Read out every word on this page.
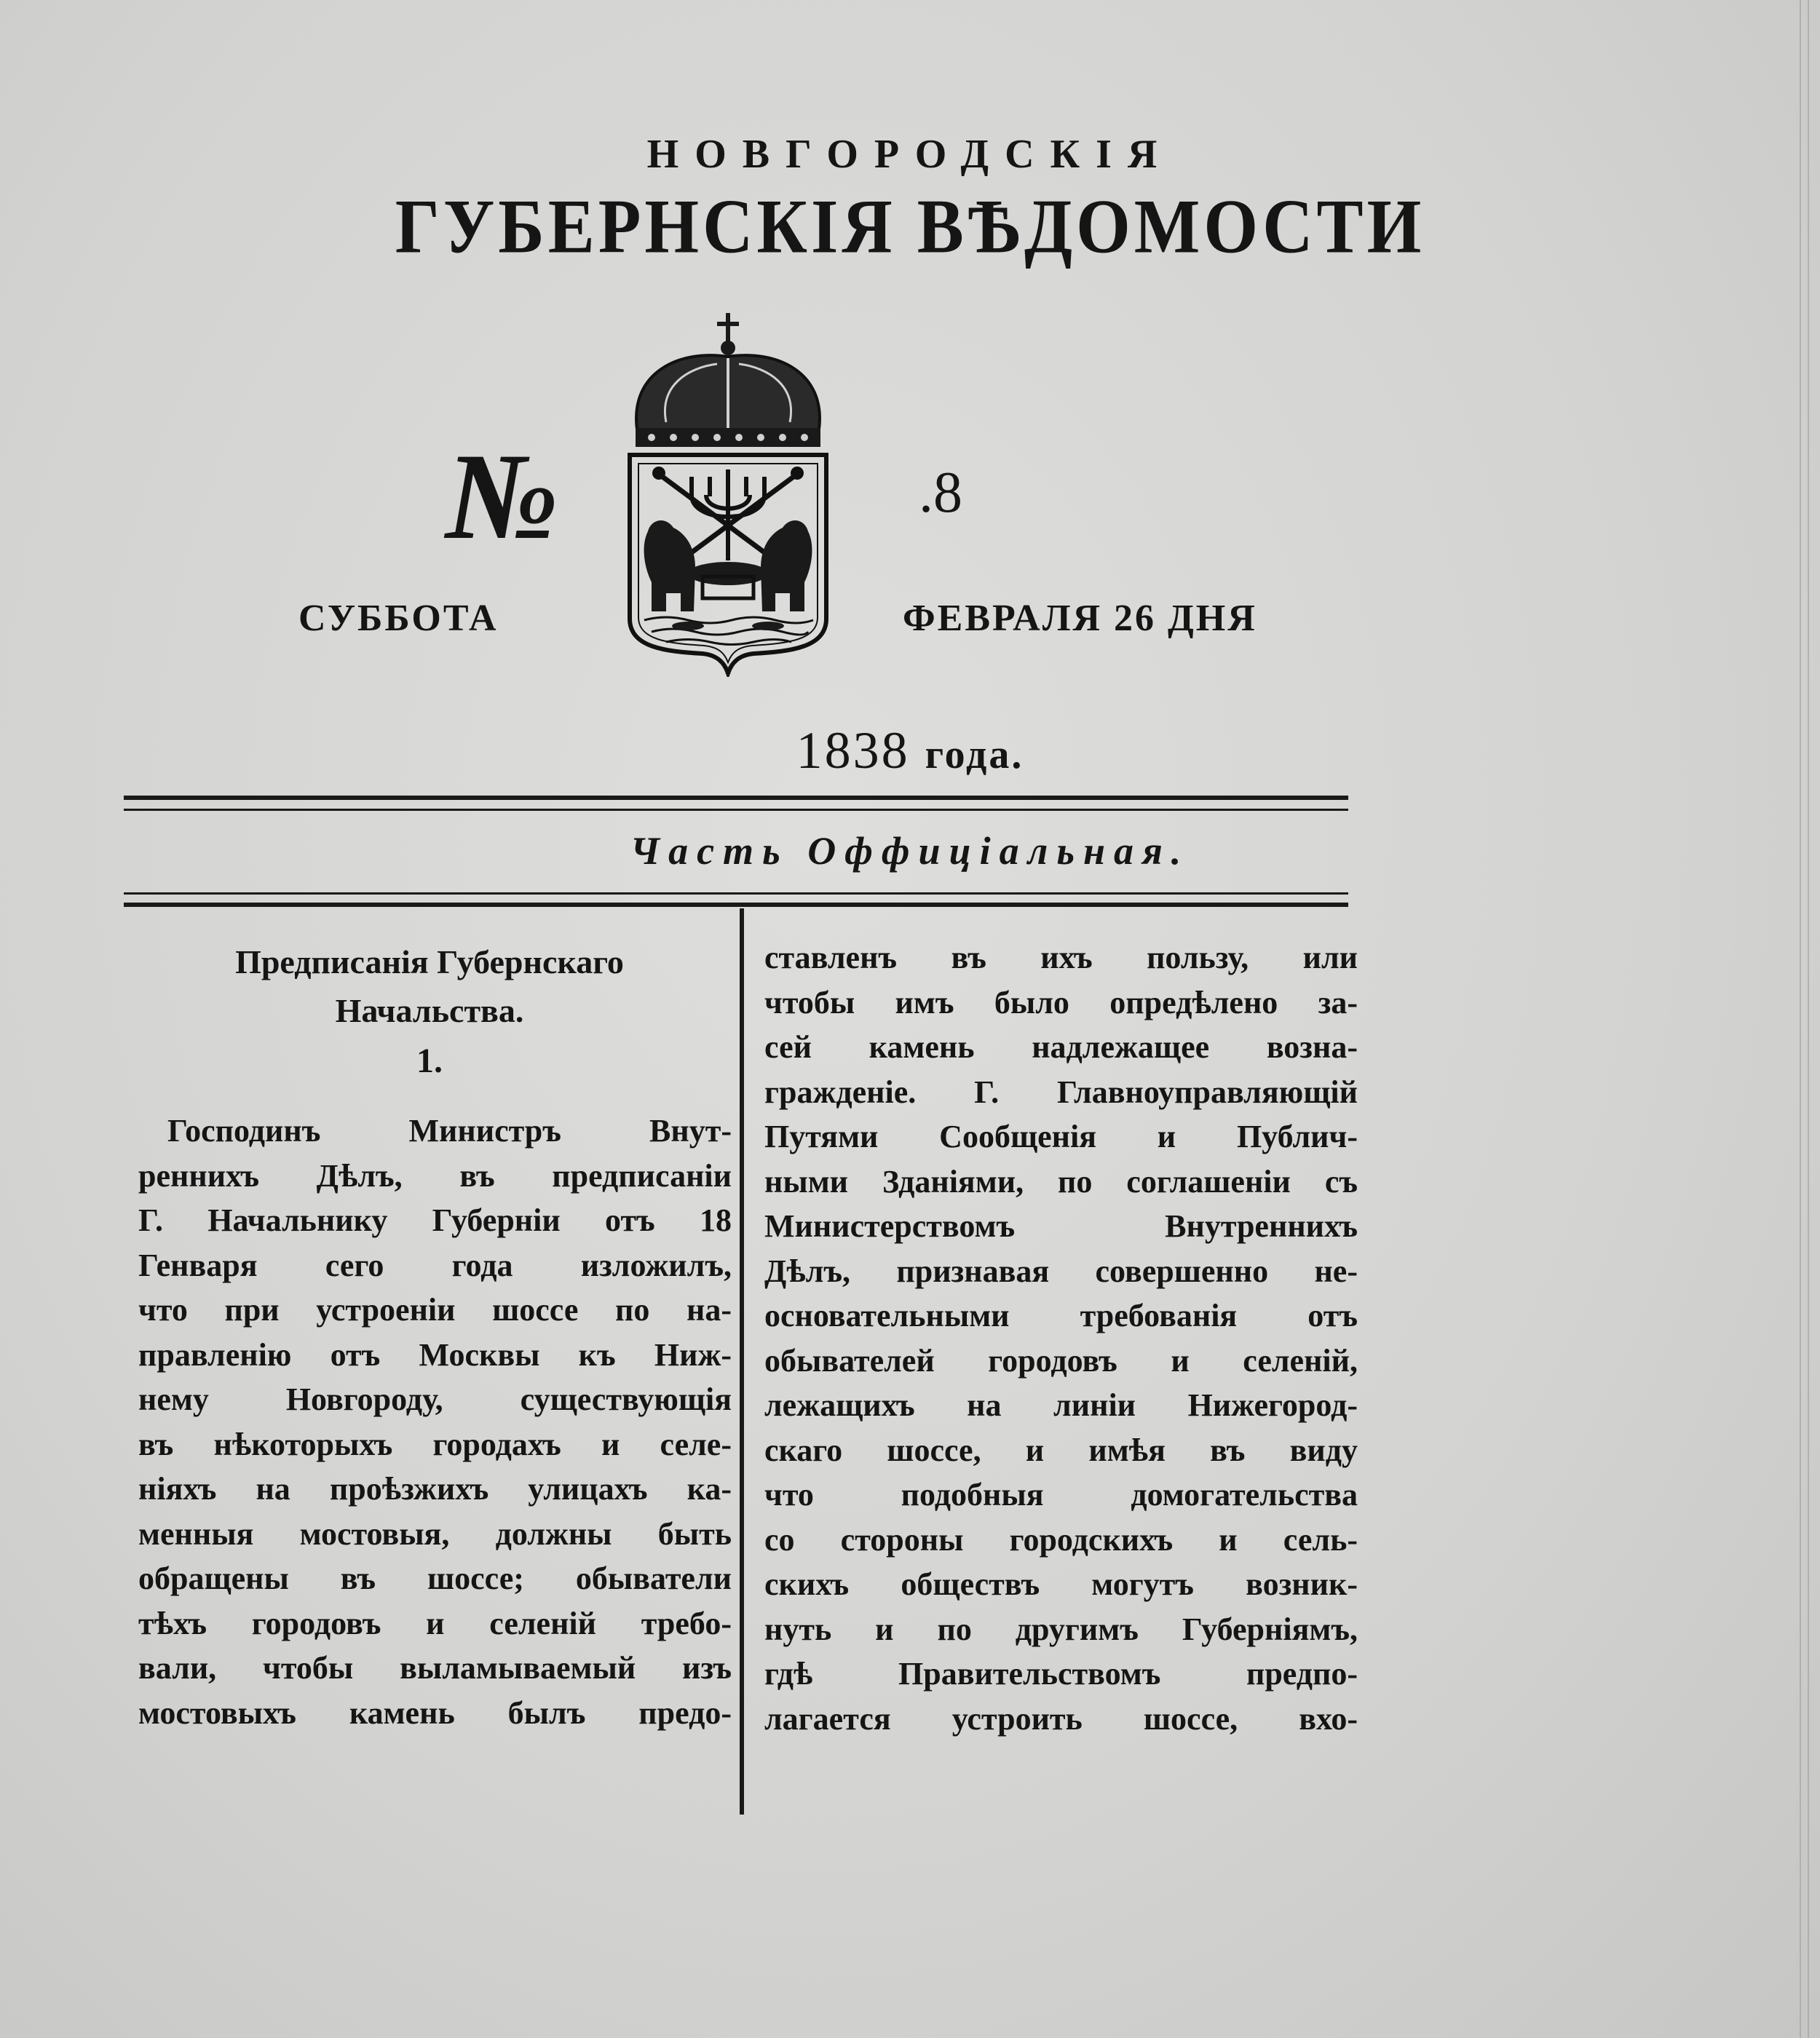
НОВГОРОДСКІЯ
ГУБЕРНСКІЯ ВѢДОМОСТИ
№	.8
СУББОТА	ФЕВРАЛЯ 26 ДНЯ
1838 года.
Часть Оффиціальная.
Предписанія Губернскаго
Начальства.
1.
Господинъ Министръ Внут-
реннихъ Дѣлъ, въ предписаніи
Г. Начальнику Губерніи отъ 18
Генваря сего года изложилъ,
что при устроеніи шоссе по на-
правленію отъ Москвы къ Ниж-
нему Новгороду, существующія
въ нѣкоторыхъ городахъ и селе-
ніяхъ на проѣзжихъ улицахъ ка-
менныя мостовыя, должны быть
обращены въ шоссе; обыватели
тѣхъ городовъ и селеній требо-
вали, чтобы выламываемый изъ
мостовыхъ камень былъ предо-
ставленъ въ ихъ пользу, или
чтобы имъ было опредѣлено за-
сей камень надлежащее возна-
гражденіе. Г. Главноуправляющій
Путями Сообщенія и Публич-
ными Зданіями, по соглашеніи съ
Министерствомъ Внутреннихъ
Дѣлъ, признавая совершенно не-
основательными требованія отъ
обывателей городовъ и селеній,
лежащихъ на линіи Нижегород-
скаго шоссе, и имѣя въ виду
что подобныя домогательства
со стороны городскихъ и сель-
скихъ обществъ могутъ возник-
нуть и по другимъ Губерніямъ,
гдѣ Правительствомъ предпо-
лагается устроить шоссе, вхо-
